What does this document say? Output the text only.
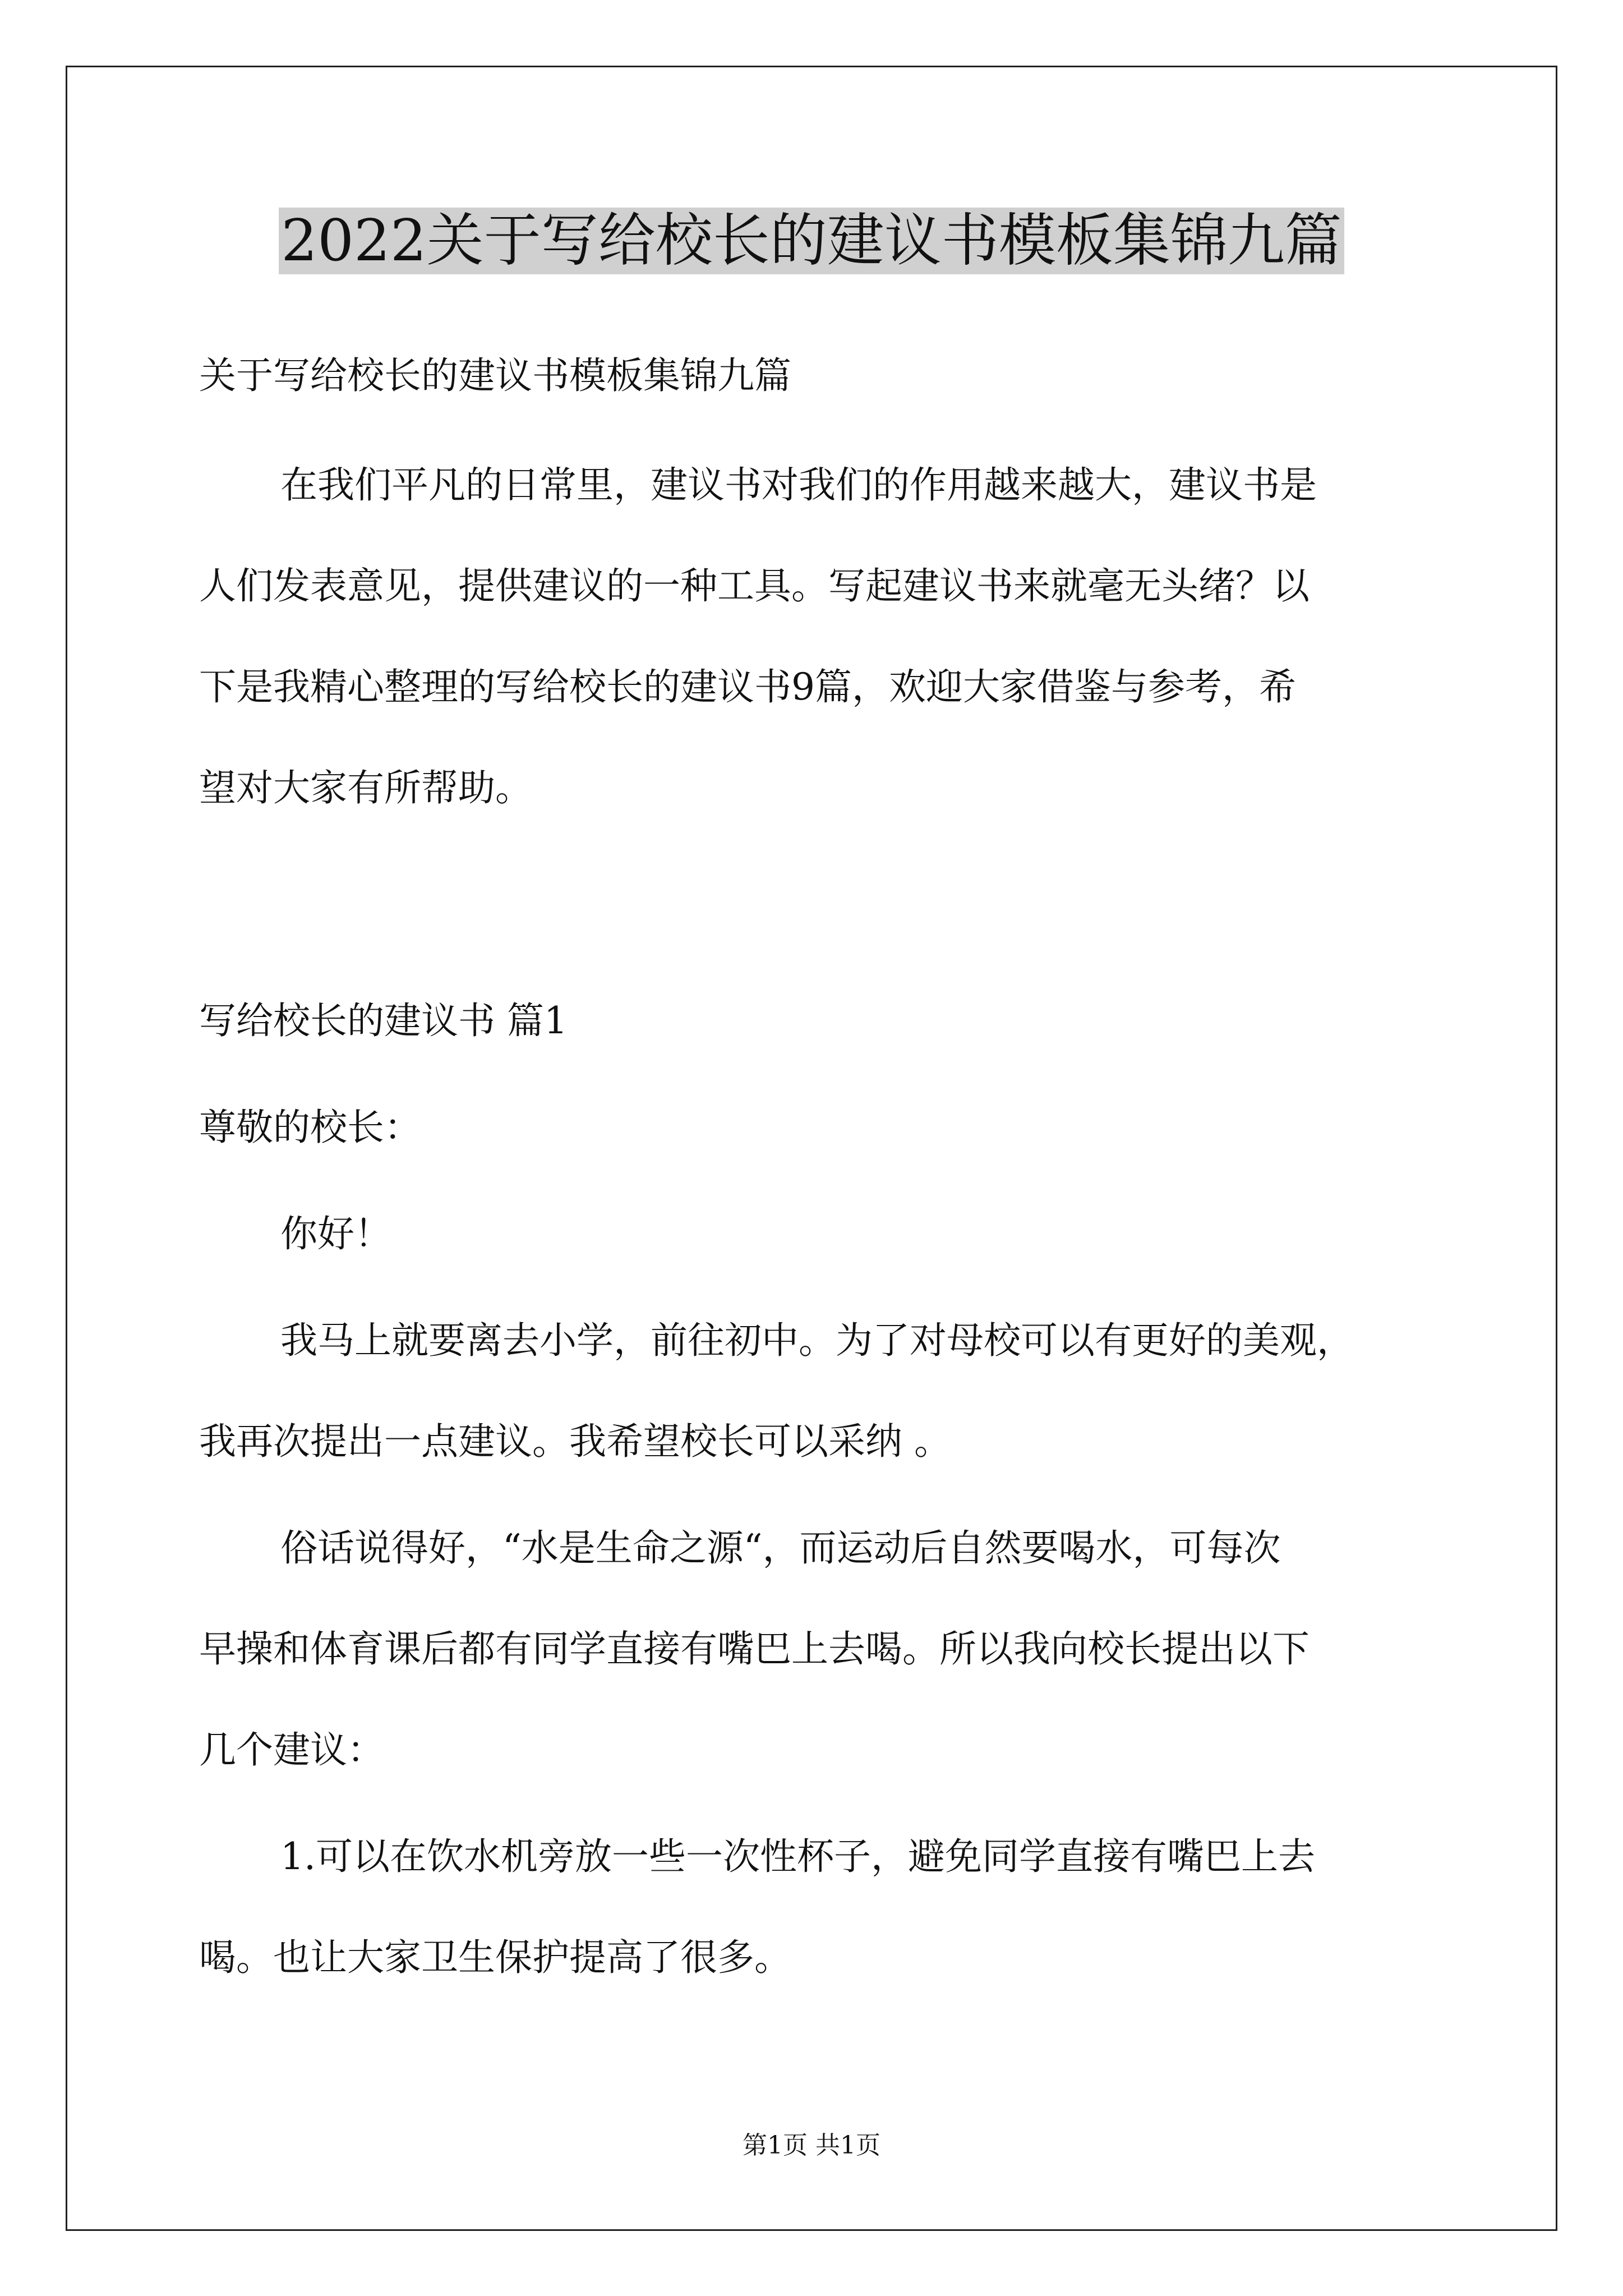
2022关于写给校长的建议书模板集锦九篇
关于写给校长的建议书模板集锦九篇
在我们平凡的日常里，建议书对我们的作用越来越大，建议书是
人们发表意见，提供建议的一种工具。写起建议书来就毫无头绪？以
下是我精心整理的写给校长的建议书9篇，欢迎大家借鉴与参考，希
望对大家有所帮助。
写给校长的建议书 篇1
尊敬的校长：
你好！
我马上就要离去小学，前往初中。为了对母校可以有更好的美观，
我再次提出一点建议。我希望校长可以采纳 。
俗话说得好，“水是生命之源“，而运动后自然要喝水，可每次
早操和体育课后都有同学直接有嘴巴上去喝。所以我向校长提出以下
几个建议：
1.可以在饮水机旁放一些一次性杯子，避免同学直接有嘴巴上去
喝。也让大家卫生保护提高了很多。
第1页 共1页
